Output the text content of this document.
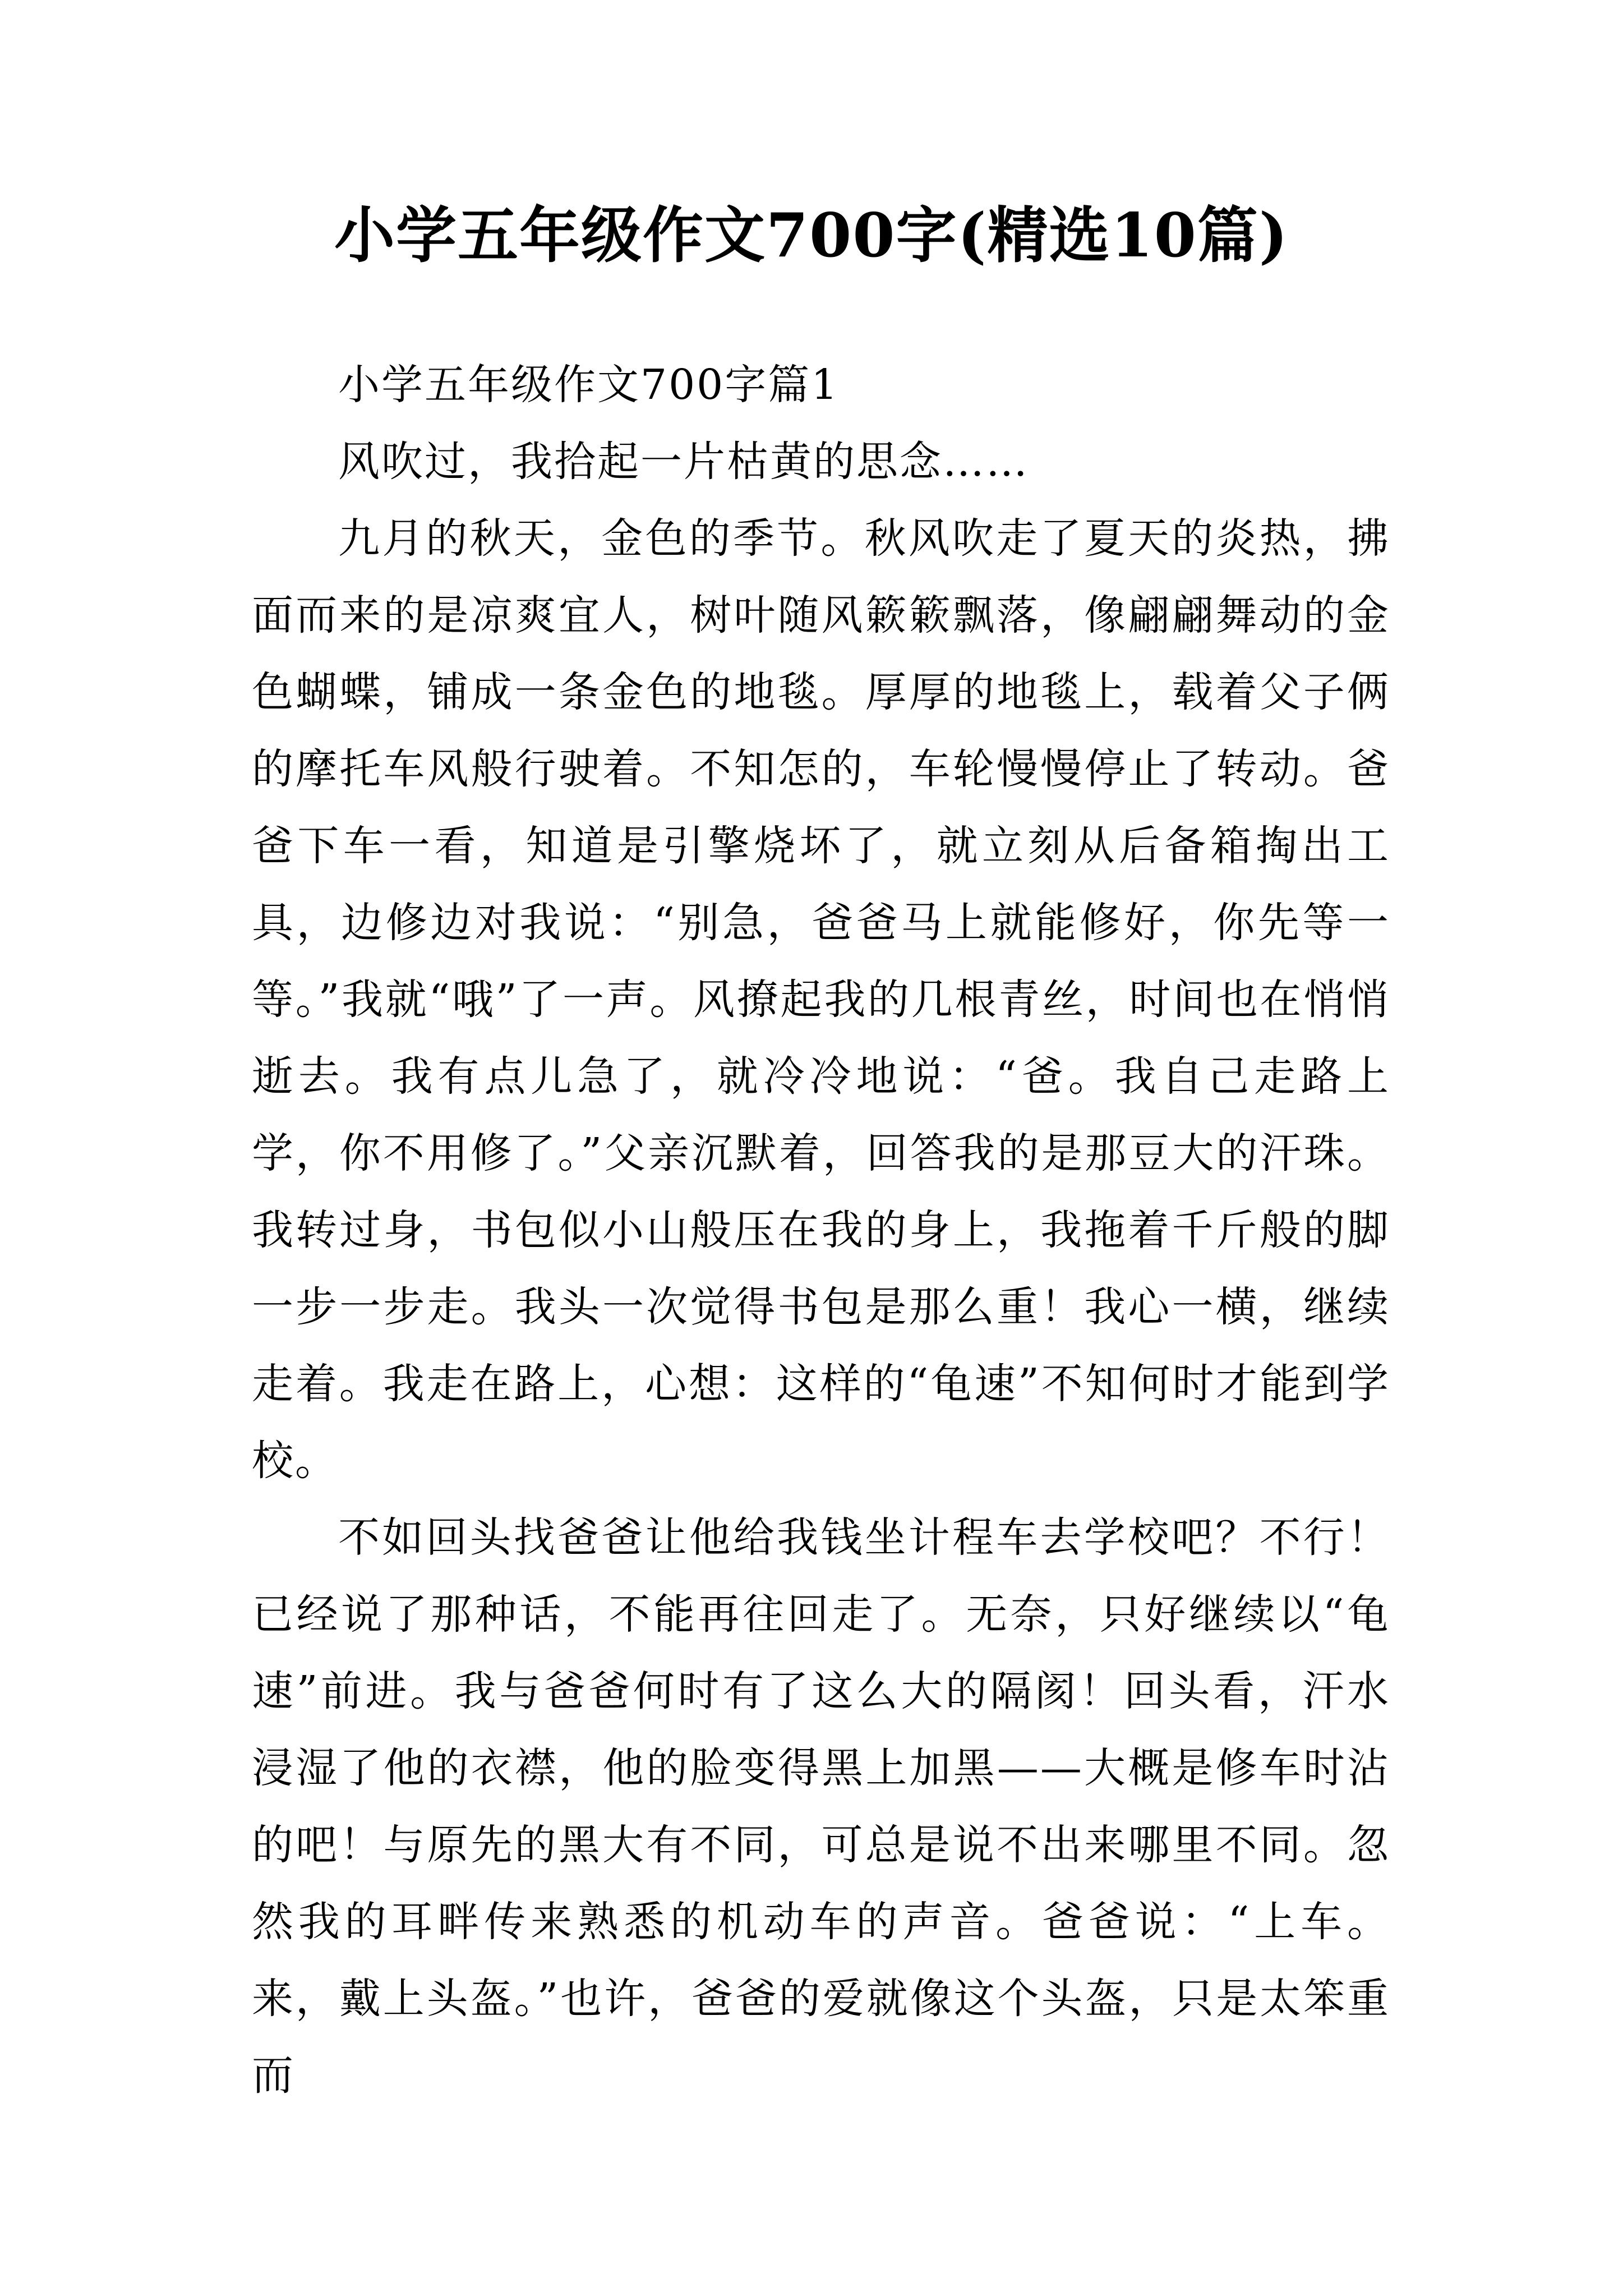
小学五年级作文700字(精选10篇)

小学五年级作文700字篇1

风吹过，我拾起一片枯黄的思念……

九月的秋天，金色的季节。秋风吹走了夏天的炎热，拂面而来的是凉爽宜人，树叶随风簌簌飘落，像翩翩舞动的金色蝴蝶，铺成一条金色的地毯。厚厚的地毯上，载着父子俩的摩托车风般行驶着。不知怎的，车轮慢慢停止了转动。爸爸下车一看，知道是引擎烧坏了，就立刻从后备箱掏出工具，边修边对我说：“别急，爸爸马上就能修好，你先等一等。”我就“哦”了一声。风撩起我的几根青丝，时间也在悄悄逝去。我有点儿急了，就冷冷地说：“爸。我自己走路上学，你不用修了。”父亲沉默着，回答我的是那豆大的汗珠。我转过身，书包似小山般压在我的身上，我拖着千斤般的脚一步一步走。我头一次觉得书包是那么重！我心一横，继续走着。我走在路上，心想：这样的“龟速”不知何时才能到学校。

不如回头找爸爸让他给我钱坐计程车去学校吧？不行！已经说了那种话，不能再往回走了。无奈，只好继续以“龟速”前进。我与爸爸何时有了这么大的隔阂！回头看，汗水浸湿了他的衣襟，他的脸变得黑上加黑——大概是修车时沾的吧！与原先的黑大有不同，可总是说不出来哪里不同。忽然我的耳畔传来熟悉的机动车的声音。爸爸说：“上车。来，戴上头盔。”也许，爸爸的爱就像这个头盔，只是太笨重而
